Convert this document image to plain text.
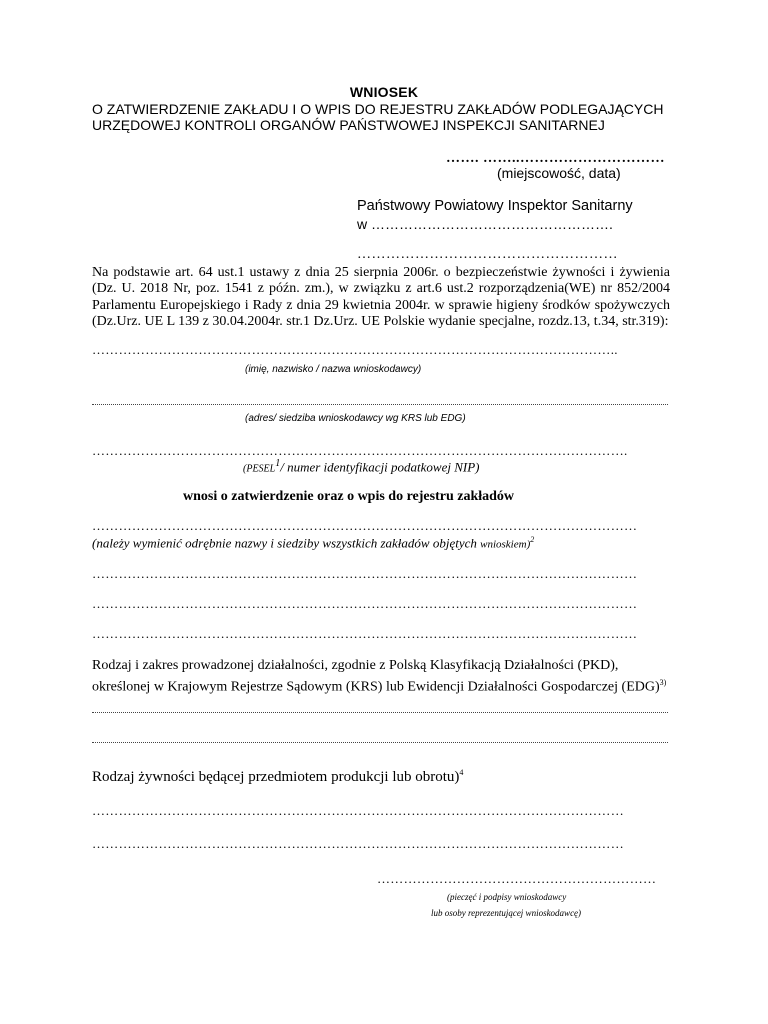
WNIOSEK
O ZATWIERDZENIE ZAKŁADU I O WPIS DO REJESTRU ZAKŁADÓW PODLEGAJĄCYCH
URZĘDOWEJ KONTROLI ORGANÓW PAŃSTWOWEJ INSPEKCJI SANITARNEJ
……. ……..…………………………
(miejscowość, data)
Państwowy Powiatowy Inspektor Sanitarny
w …………………………………………….
………………………………………………
Na podstawie art. 64 ust.1 ustawy z dnia 25 sierpnia 2006r. o bezpieczeństwie żywności i żywienia (Dz. U. 2018 Nr, poz. 1541 z późn. zm.), w związku z art.6 ust.2 rozporządzenia(WE) nr 852/2004 Parlamentu Europejskiego i Rady z dnia 29 kwietnia 2004r. w sprawie higieny środków spożywczych (Dz.Urz. UE L 139 z 30.04.2004r. str.1 Dz.Urz. UE Polskie wydanie specjalne, rozdz.13, t.34, str.319):
………………………………………………………………………………………………………..
(imię, nazwisko / nazwa wnioskodawcy)
(adres/ siedziba wnioskodawcy wg KRS lub EDG)
………………………………………………………………………………………………………….
(PESEL$^1$/ numer identyfikacji podatkowej NIP)
wnosi o zatwierdzenie oraz o wpis do rejestru zakładów
……………………………………………………………………………………………………………
(należy wymienić odrębnie nazwy i siedziby wszystkich zakładów objętych wnioskiem)$^2$
……………………………………………………………………………………………………………
……………………………………………………………………………………………………………
……………………………………………………………………………………………………………
Rodzaj i zakres prowadzonej działalności, zgodnie z Polską Klasyfikacją Działalności (PKD), określonej w Krajowym Rejestrze Sądowym (KRS) lub Ewidencji Działalności Gospodarczej (EDG)$^{3)}$
Rodzaj żywności będącej przedmiotem produkcji lub obrotu)$^4$
…………………………………………………………………………………………………………
…………………………………………………………………………………………………………
………………………………………………………
(pieczęć i podpisy wnioskodawcy
lub osoby reprezentującej wnioskodawcę)
